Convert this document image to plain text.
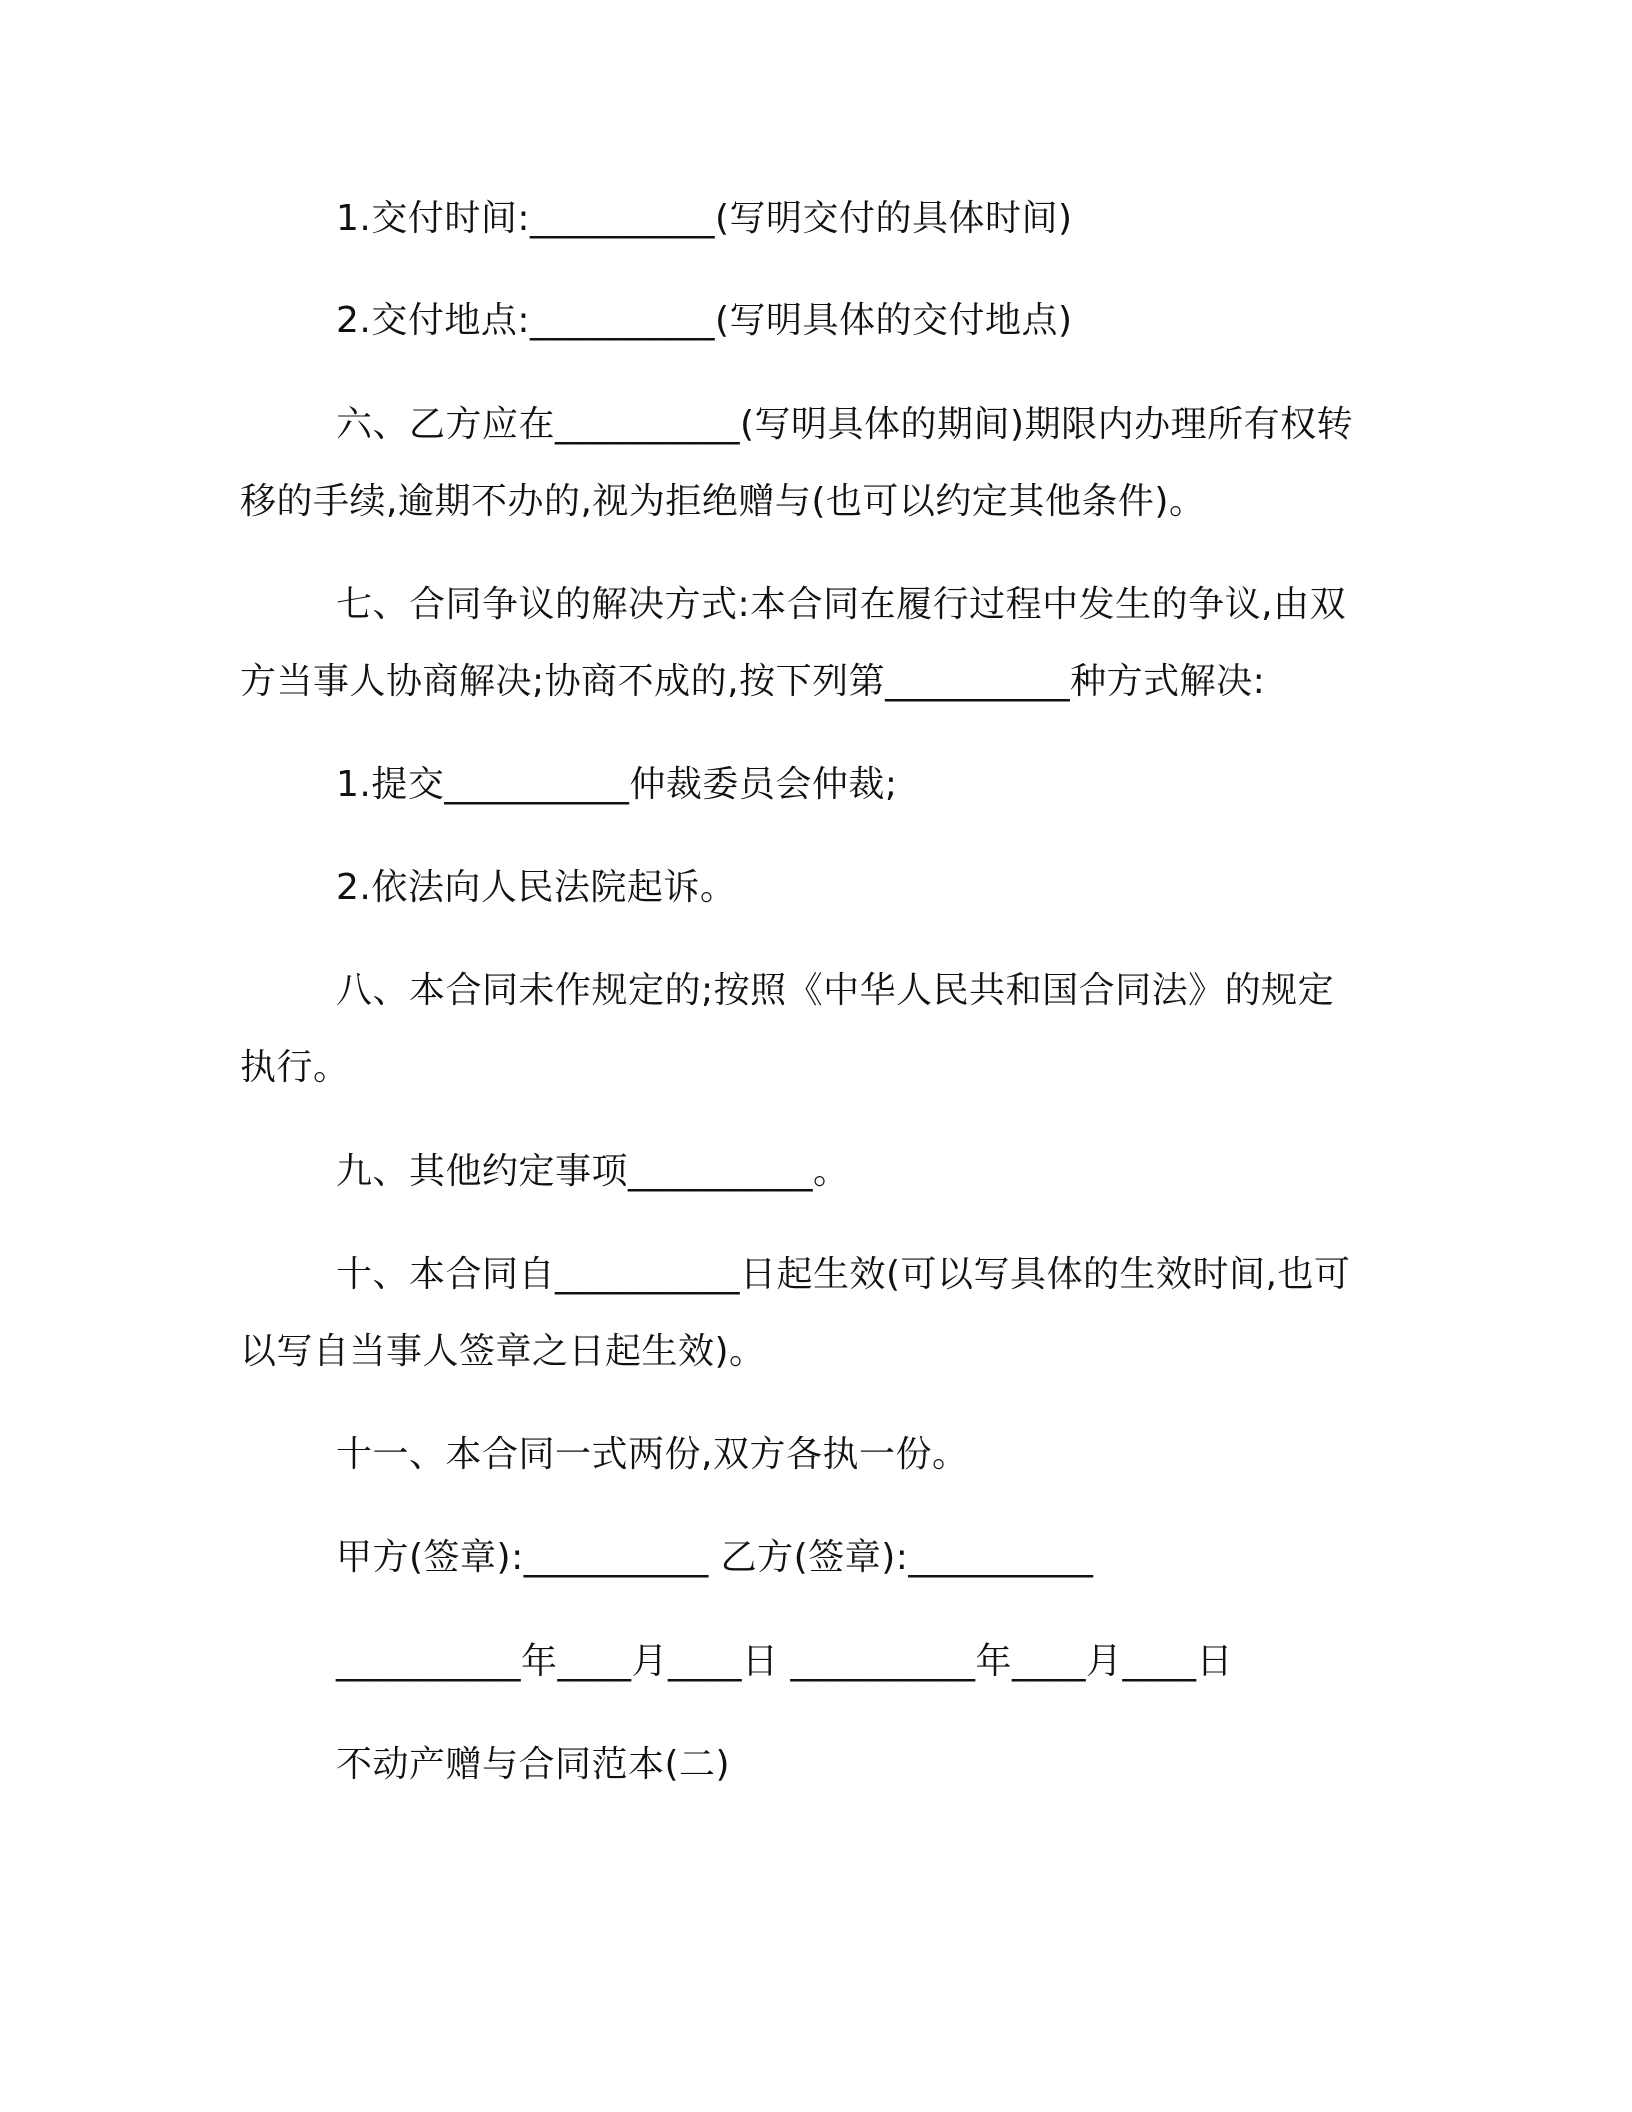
1.交付时间:__________(写明交付的具体时间)
2.交付地点:__________(写明具体的交付地点)
六、乙方应在__________(写明具体的期间)期限内办理所有权转
移的手续,逾期不办的,视为拒绝赠与(也可以约定其他条件)。
七、合同争议的解决方式:本合同在履行过程中发生的争议,由双
方当事人协商解决;协商不成的,按下列第__________种方式解决:
1.提交__________仲裁委员会仲裁;
2.依法向人民法院起诉。
八、本合同未作规定的;按照《中华人民共和国合同法》的规定
执行。
九、其他约定事项__________。
十、本合同自__________日起生效(可以写具体的生效时间,也可
以写自当事人签章之日起生效)。
十一、本合同一式两份,双方各执一份。
甲方(签章):__________ 乙方(签章):__________
__________年____月____日 __________年____月____日
不动产赠与合同范本(二)
